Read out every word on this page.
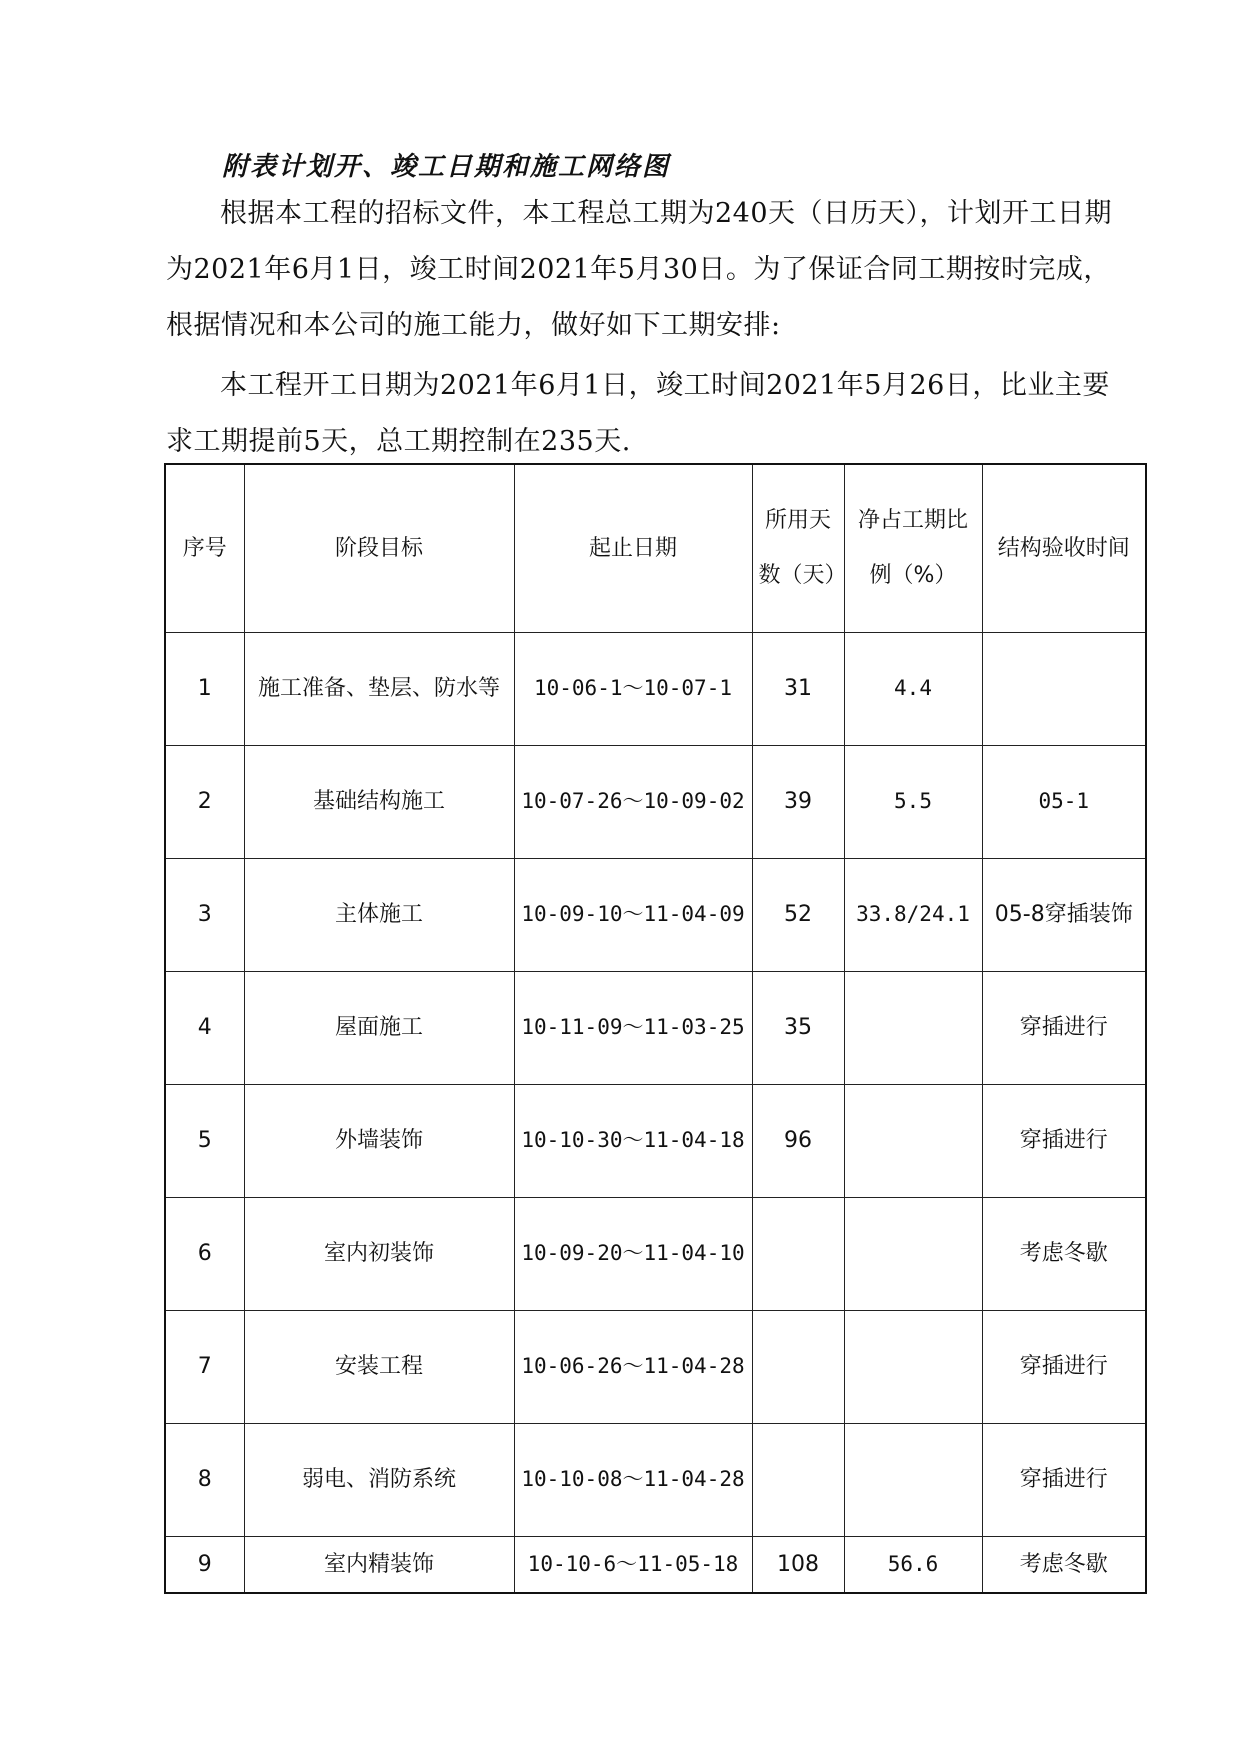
附表计划开、竣工日期和施工网络图
根据本工程的招标文件，本工程总工期为240天（日历天），计划开工日期为2021年6月1日，竣工时间2021年5月30日。为了保证合同工期按时完成，根据情况和本公司的施工能力，做好如下工期安排:
本工程开工日期为2021年6月1日，竣工时间2021年5月26日，比业主要求工期提前5天，总工期控制在235天.
序号	阶段目标	起止日期	所用天数（天）	净占工期比例（%）	结构验收时间
1	施工准备、垫层、防水等	10-06-1～10-07-1	31	4.4	
2	基础结构施工	10-07-26～10-09-02	39	5.5	05-1
3	主体施工	10-09-10～11-04-09	52	33.8/24.1	05-8穿插装饰
4	屋面施工	10-11-09～11-03-25	35		穿插进行
5	外墙装饰	10-10-30～11-04-18	96		穿插进行
6	室内初装饰	10-09-20～11-04-10			考虑冬歇
7	安装工程	10-06-26～11-04-28			穿插进行
8	弱电、消防系统	10-10-08～11-04-28			穿插进行
9	室内精装饰	10-10-6～11-05-18	108	56.6	考虑冬歇
